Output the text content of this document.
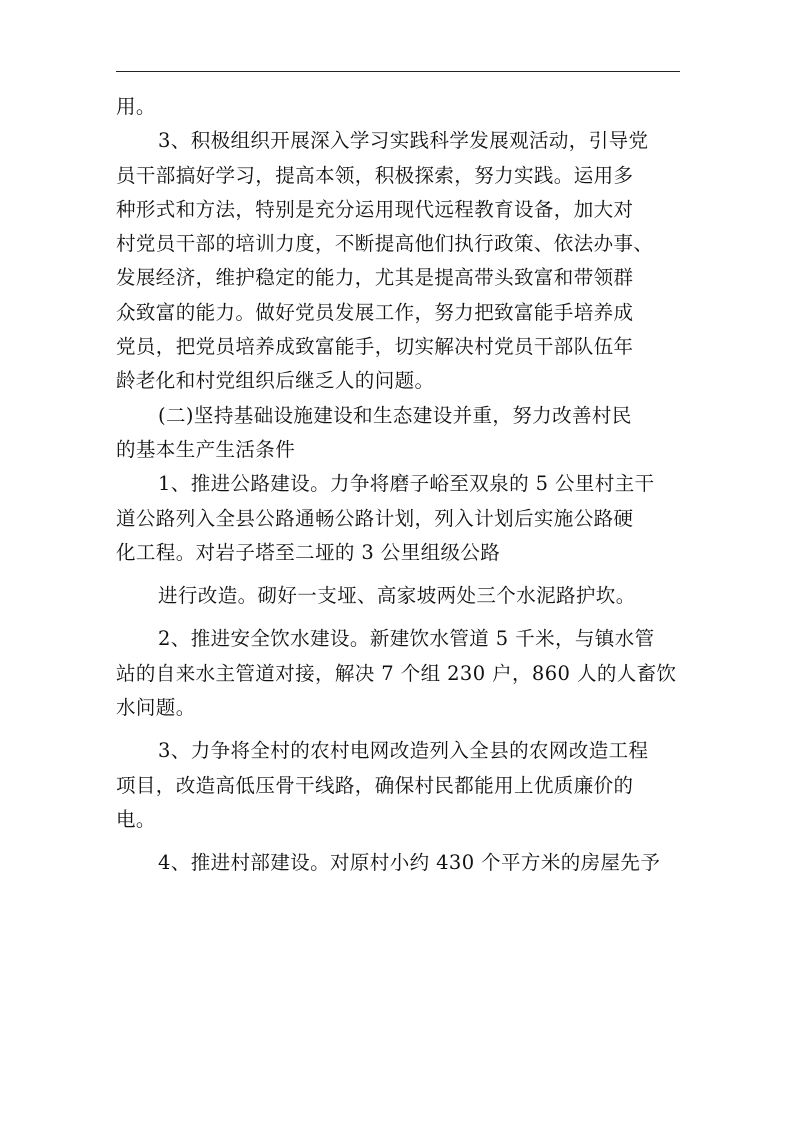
用。
3、积极组织开展深入学习实践科学发展观活动，引导党
员干部搞好学习，提高本领，积极探索，努力实践。运用多
种形式和方法，特别是充分运用现代远程教育设备，加大对
村党员干部的培训力度，不断提高他们执行政策、依法办事、
发展经济，维护稳定的能力，尤其是提高带头致富和带领群
众致富的能力。做好党员发展工作，努力把致富能手培养成
党员，把党员培养成致富能手，切实解决村党员干部队伍年
龄老化和村党组织后继乏人的问题。
(二)坚持基础设施建设和生态建设并重，努力改善村民
的基本生产生活条件
1、推进公路建设。力争将磨子峪至双泉的 5 公里村主干
道公路列入全县公路通畅公路计划，列入计划后实施公路硬
化工程。对岩子塔至二垭的 3 公里组级公路
进行改造。砌好一支垭、高家坡两处三个水泥路护坎。
2、推进安全饮水建设。新建饮水管道 5 千米，与镇水管
站的自来水主管道对接，解决 7 个组 230 户，860 人的人畜饮
水问题。
3、力争将全村的农村电网改造列入全县的农网改造工程
项目，改造高低压骨干线路，确保村民都能用上优质廉价的
电。
4、推进村部建设。对原村小约 430 个平方米的房屋先予
